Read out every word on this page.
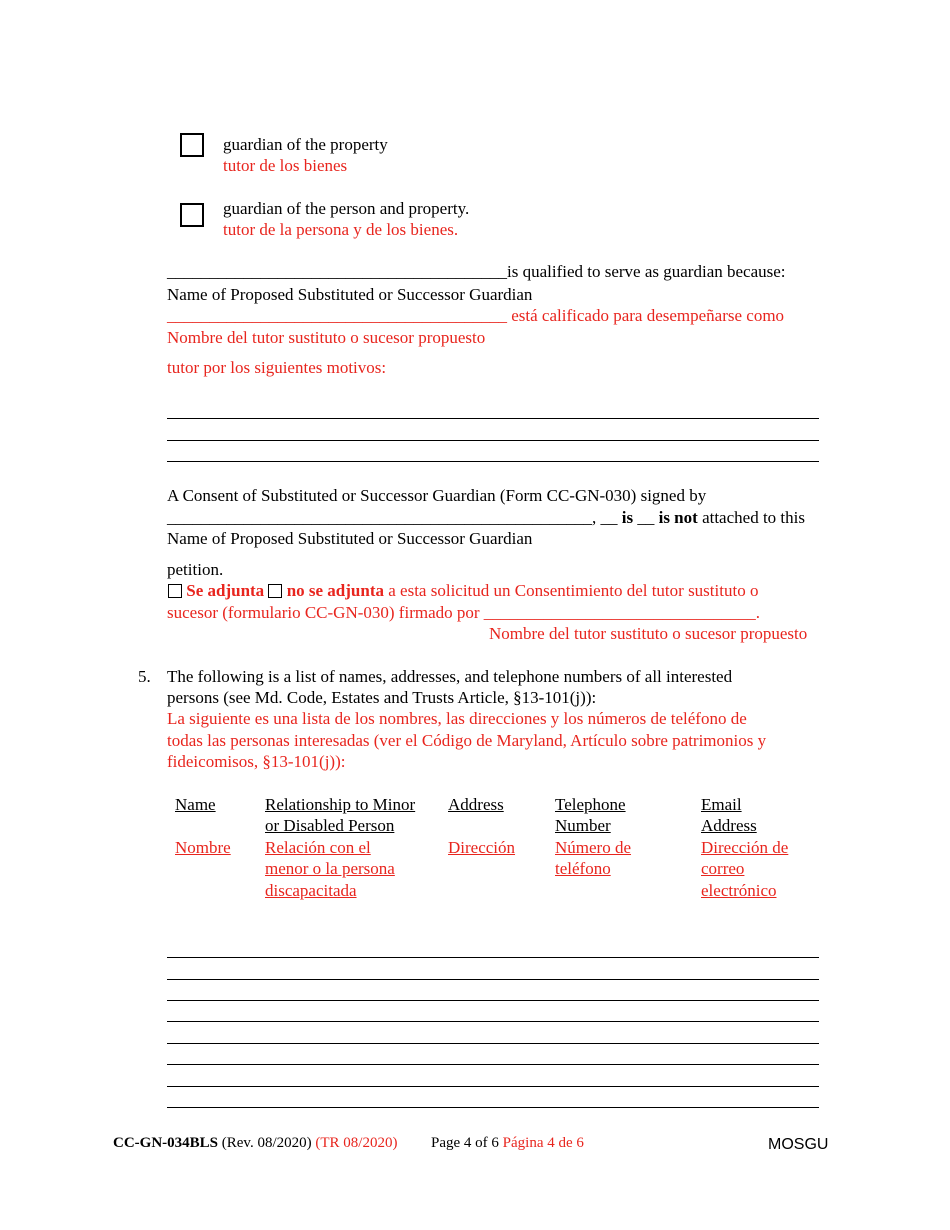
guardian of the property
tutor de los bienes
guardian of the person and property.
tutor de la persona y de los bienes.
________________________________________is qualified to serve as guardian because:
Name of Proposed Substituted or Successor Guardian
________________________________________ está calificado para desempeñarse como
Nombre del tutor sustituto o sucesor propuesto
tutor por los siguientes motivos:
A Consent of Substituted or Successor Guardian (Form CC-GN-030) signed by
__________________________________________________, __ is __ is not attached to this
Name of Proposed Substituted or Successor Guardian
petition.
Se adjunta no se adjunta a esta solicitud un Consentimiento del tutor sustituto o
sucesor (formulario CC-GN-030) firmado por ________________________________.
Nombre del tutor sustituto o sucesor propuesto
5. The following is a list of names, addresses, and telephone numbers of all interested
persons (see Md. Code, Estates and Trusts Article, §13-101(j)):
La siguiente es una lista de los nombres, las direcciones y los números de teléfono de
todas las personas interesadas (ver el Código de Maryland, Artículo sobre patrimonios y
fideicomisos, §13-101(j)):
Name
Nombre
Relationship to Minor
or Disabled Person
Relación con el
menor o la persona
discapacitada
Address
Dirección
Telephone
Number
Número de
teléfono
Email
Address
Dirección de
correo
electrónico
CC-GN-034BLS (Rev. 08/2020) (TR 08/2020) Page 4 of 6 Página 4 de 6	MOSGU
